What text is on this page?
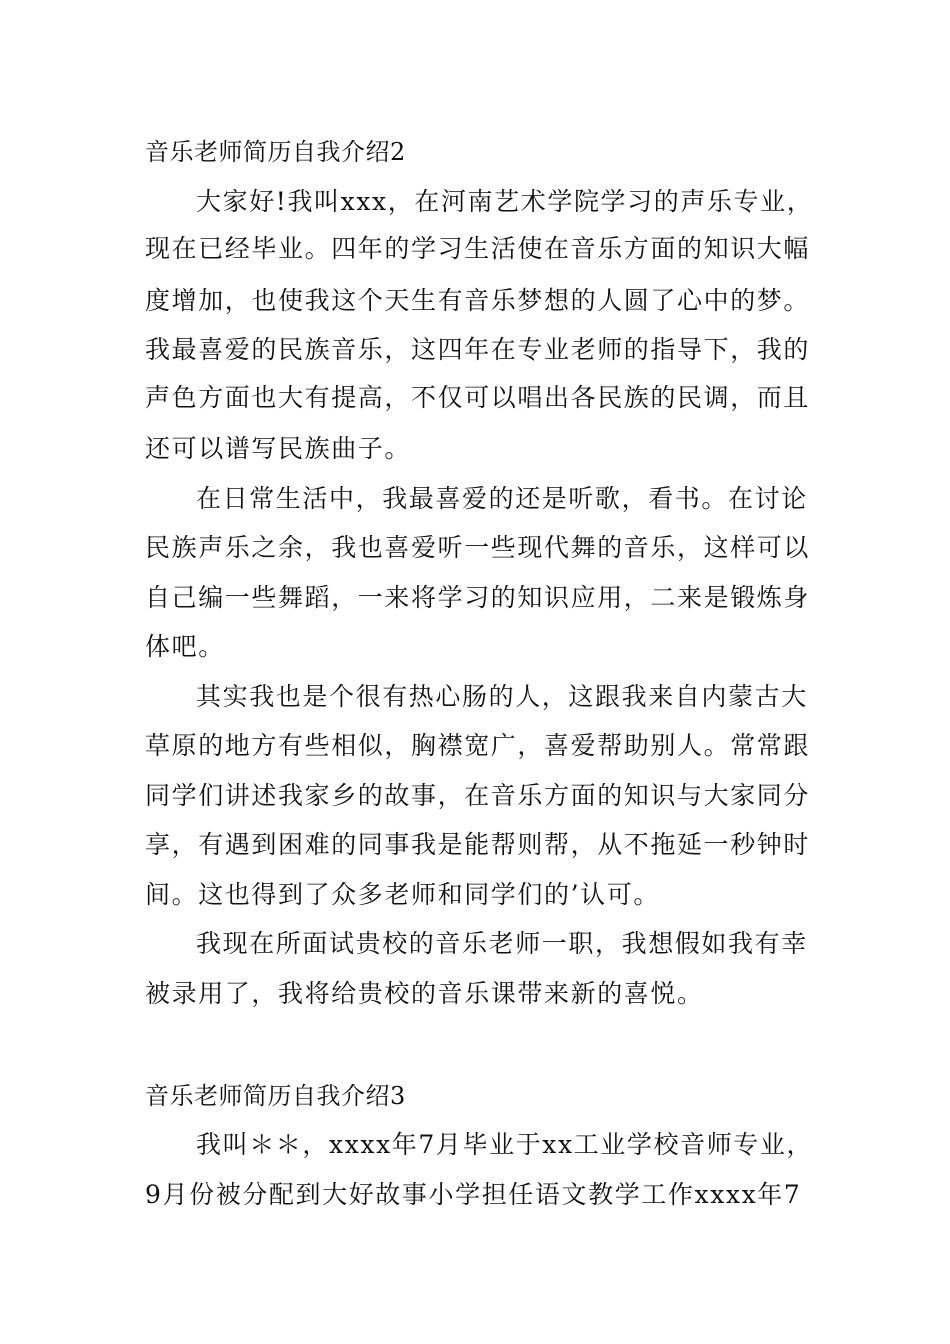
音乐老师简历自我介绍2
大家好!我叫xxx，在河南艺术学院学习的声乐专业，
现在已经毕业。四年的学习生活使在音乐方面的知识大幅
度增加，也使我这个天生有音乐梦想的人圆了心中的梦。
我最喜爱的民族音乐，这四年在专业老师的指导下，我的
声色方面也大有提高，不仅可以唱出各民族的民调，而且
还可以谱写民族曲子。
在日常生活中，我最喜爱的还是听歌，看书。在讨论
民族声乐之余，我也喜爱听一些现代舞的音乐，这样可以
自己编一些舞蹈，一来将学习的知识应用，二来是锻炼身
体吧。
其实我也是个很有热心肠的人，这跟我来自内蒙古大
草原的地方有些相似，胸襟宽广，喜爱帮助别人。常常跟
同学们讲述我家乡的故事，在音乐方面的知识与大家同分
享，有遇到困难的同事我是能帮则帮，从不拖延一秒钟时
间。这也得到了众多老师和同学们的’认可。
我现在所面试贵校的音乐老师一职，我想假如我有幸
被录用了，我将给贵校的音乐课带来新的喜悦。
音乐老师简历自我介绍3
我叫＊＊，xxxx年7月毕业于xx工业学校音师专业，
9月份被分配到大好故事小学担任语文教学工作xxxx年7
